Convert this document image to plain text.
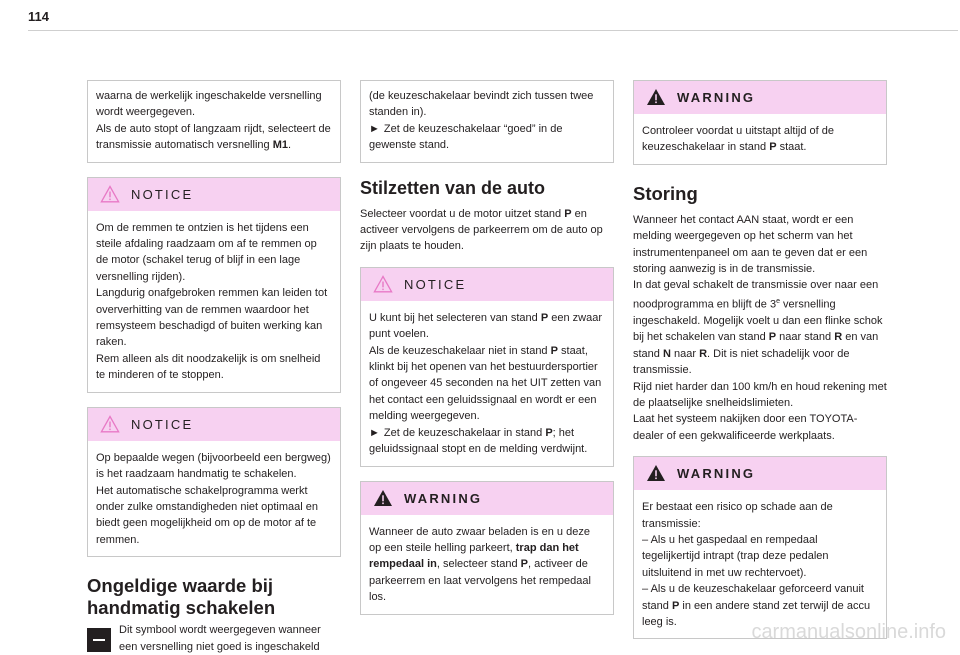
114

waarna de werkelijk ingeschakelde versnelling wordt weergegeven.

Als de auto stopt of langzaam rijdt, selecteert de transmissie automatisch versnelling M1.

NOTICE

Om de remmen te ontzien is het tijdens een steile afdaling raadzaam om af te remmen op de motor (schakel terug of blijf in een lage versnelling rijden).

Langdurig onafgebroken remmen kan leiden tot oververhitting van de remmen waardoor het remsysteem beschadigd of buiten werking kan raken.

Rem alleen als dit noodzakelijk is om snelheid te minderen of te stoppen.

NOTICE

Op bepaalde wegen (bijvoorbeeld een bergweg) is het raadzaam handmatig te schakelen.

Het automatische schakelprogramma werkt onder zulke omstandigheden niet optimaal en biedt geen mogelijkheid om op de motor af te remmen.

Ongeldige waarde bij
handmatig schakelen

Dit symbool wordt weergegeven wanneer een versnelling niet goed is ingeschakeld

(de keuzeschakelaar bevindt zich tussen twee standen in).

► Zet de keuzeschakelaar “goed” in de gewenste stand.

Stilzetten van de auto

Selecteer voordat u de motor uitzet stand P en activeer vervolgens de parkeerrem om de auto op zijn plaats te houden.

NOTICE

U kunt bij het selecteren van stand P een zwaar punt voelen.

Als de keuzeschakelaar niet in stand P staat, klinkt bij het openen van het bestuurdersportier of ongeveer 45 seconden na het UIT zetten van het contact een geluidssignaal en wordt er een melding weergegeven.

► Zet de keuzeschakelaar in stand P; het geluidssignaal stopt en de melding verdwijnt.

WARNING

Wanneer de auto zwaar beladen is en u deze op een steile helling parkeert, trap dan het rempedaal in, selecteer stand P, activeer de parkeerrem en laat vervolgens het rempedaal los.

WARNING

Controleer voordat u uitstapt altijd of de keuzeschakelaar in stand P staat.

Storing

Wanneer het contact AAN staat, wordt er een melding weergegeven op het scherm van het instrumentenpaneel om aan te geven dat er een storing aanwezig is in de transmissie.

In dat geval schakelt de transmissie over naar een noodprogramma en blijft de 3e versnelling ingeschakeld. Mogelijk voelt u dan een flinke schok bij het schakelen van stand P naar stand R en van stand N naar R. Dit is niet schadelijk voor de transmissie.

Rijd niet harder dan 100 km/h en houd rekening met de plaatselijke snelheidslimieten.

Laat het systeem nakijken door een TOYOTA-dealer of een gekwalificeerde werkplaats.

WARNING

Er bestaat een risico op schade aan de transmissie:

– Als u het gaspedaal en rempedaal tegelijkertijd intrapt (trap deze pedalen uitsluitend in met uw rechtervoet).

– Als u de keuzeschakelaar geforceerd vanuit stand P in een andere stand zet terwijl de accu leeg is.	carmanualsonline.info
